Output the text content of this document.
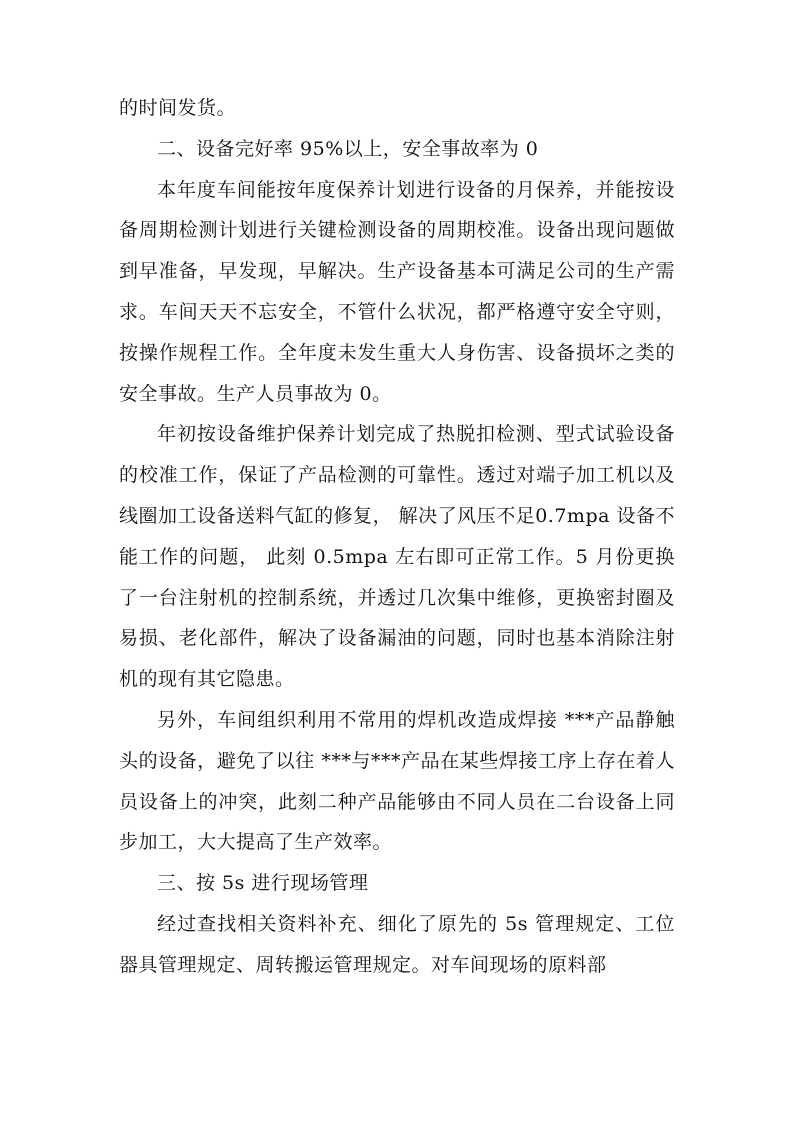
的时间发货。

二、设备完好率 95%以上，安全事故率为 0

本年度车间能按年度保养计划进行设备的月保养，并能按设备周期检测计划进行关键检测设备的周期校准。设备出现问题做到早准备，早发现，早解决。生产设备基本可满足公司的生产需求。车间天天不忘安全，不管什么状况，都严格遵守安全守则，按操作规程工作。全年度未发生重大人身伤害、设备损坏之类的安全事故。生产人员事故为 0。

年初按设备维护保养计划完成了热脱扣检测、型式试验设备的校准工作，保证了产品检测的可靠性。透过对端子加工机以及线圈加工设备送料气缸的修复， 解决了风压不足0.7mpa 设备不能工作的问题， 此刻 0.5mpa 左右即可正常工作。5 月份更换了一台注射机的控制系统，并透过几次集中维修，更换密封圈及易损、老化部件，解决了设备漏油的问题，同时也基本消除注射机的现有其它隐患。

另外，车间组织利用不常用的焊机改造成焊接 ***产品静触头的设备，避免了以往 ***与***产品在某些焊接工序上存在着人员设备上的冲突，此刻二种产品能够由不同人员在二台设备上同步加工，大大提高了生产效率。

三、按 5s 进行现场管理

经过查找相关资料补充、细化了原先的 5s 管理规定、工位器具管理规定、周转搬运管理规定。对车间现场的原料部
